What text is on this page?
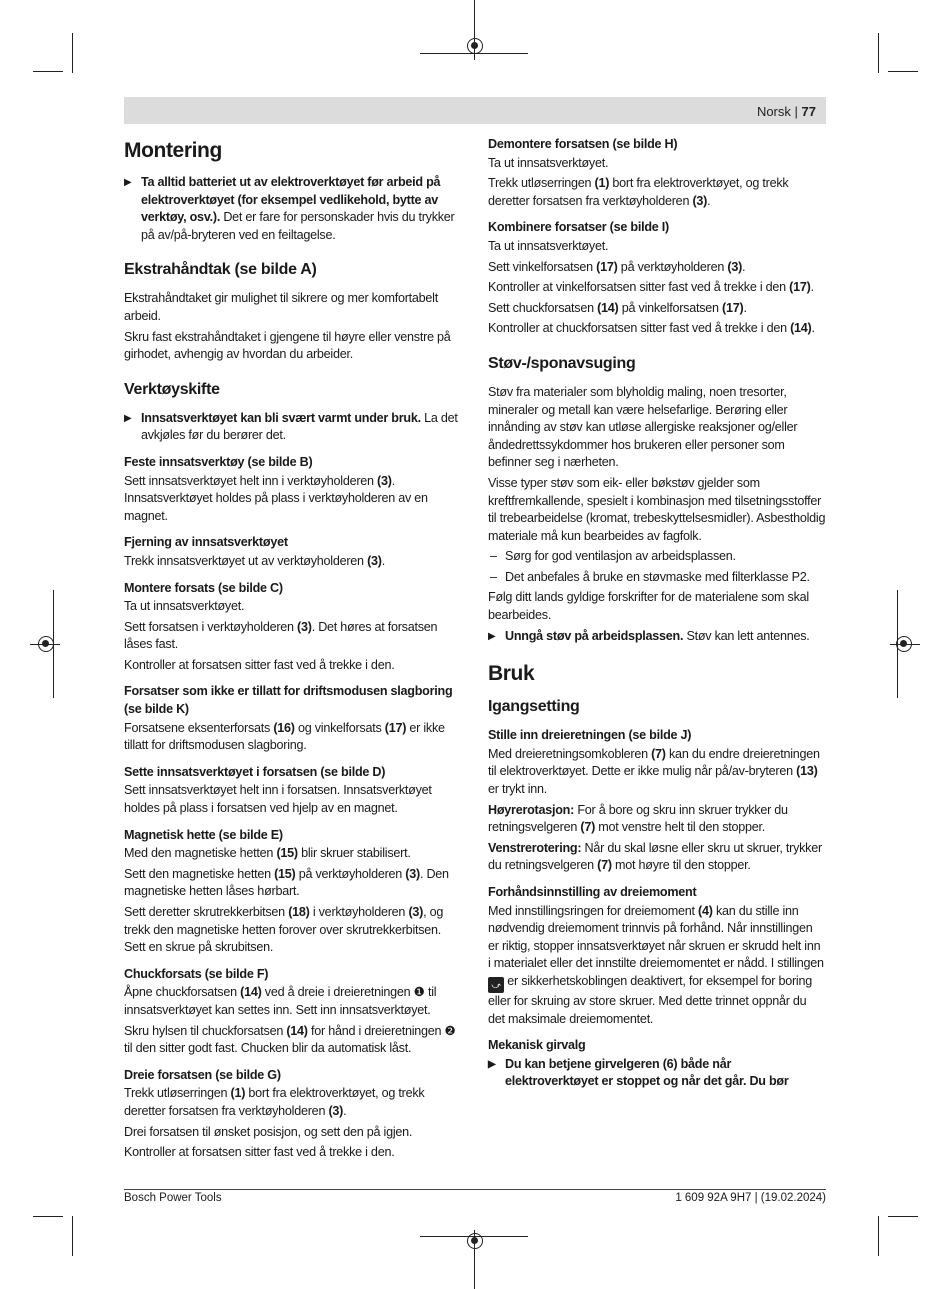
Norsk | 77
Montering

▶ Ta alltid batteriet ut av elektroverktøyet før arbeid på elektroverktøyet (for eksempel vedlikehold, bytte av verktøy, osv.). Det er fare for personskader hvis du trykker på av/på-bryteren ved en feiltagelse.

Ekstrahåndtak (se bilde A)

Ekstrahåndtaket gir mulighet til sikrere og mer komfortabelt arbeid.

Skru fast ekstrahåndtaket i gjengene til høyre eller venstre på girhodet, avhengig av hvordan du arbeider.

Verktøyskifte

▶ Innsatsverktøyet kan bli svært varmt under bruk. La det avkjøles før du berører det.

Feste innsatsverktøy (se bilde B)

Sett innsatsverktøyet helt inn i verktøyholderen (3). Innsatsverktøyet holdes på plass i verktøyholderen av en magnet.

Fjerning av innsatsverktøyet

Trekk innsatsverktøyet ut av verktøyholderen (3).

Montere forsats (se bilde C)

Ta ut innsatsverktøyet.

Sett forsatsen i verktøyholderen (3). Det høres at forsatsen låses fast.

Kontroller at forsatsen sitter fast ved å trekke i den.

Forsatser som ikke er tillatt for driftsmodusen slagboring (se bilde K)

Forsatsene eksenterforsats (16) og vinkelforsats (17) er ikke tillatt for driftsmodusen slagboring.

Sette innsatsverktøyet i forsatsen (se bilde D)

Sett innsatsverktøyet helt inn i forsatsen. Innsatsverktøyet holdes på plass i forsatsen ved hjelp av en magnet.

Magnetisk hette (se bilde E)

Med den magnetiske hetten (15) blir skruer stabilisert.

Sett den magnetiske hetten (15) på verktøyholderen (3). Den magnetiske hetten låses hørbart.

Sett deretter skrutrekkerbitsen (18) i verktøyholderen (3), og trekk den magnetiske hetten forover over skrutrekkerbitsen.

Sett en skrue på skrubitsen.

Chuckforsats (se bilde F)

Åpne chuckforsatsen (14) ved å dreie i dreieretningen ❶ til innsatsverktøyet kan settes inn. Sett inn innsatsverktøyet.

Skru hylsen til chuckforsatsen (14) for hånd i dreieretningen ❷ til den sitter godt fast. Chucken blir da automatisk låst.

Dreie forsatsen (se bilde G)

Trekk utløserringen (1) bort fra elektroverktøyet, og trekk deretter forsatsen fra verktøyholderen (3).

Drei forsatsen til ønsket posisjon, og sett den på igjen.

Kontroller at forsatsen sitter fast ved å trekke i den.

Demontere forsatsen (se bilde H)

Ta ut innsatsverktøyet.

Trekk utløserringen (1) bort fra elektroverktøyet, og trekk deretter forsatsen fra verktøyholderen (3).

Kombinere forsatser (se bilde I)

Ta ut innsatsverktøyet.

Sett vinkelforsatsen (17) på verktøyholderen (3).

Kontroller at vinkelforsatsen sitter fast ved å trekke i den (17).

Sett chuckforsatsen (14) på vinkelforsatsen (17).

Kontroller at chuckforsatsen sitter fast ved å trekke i den (14).

Støv-/sponavsuging

Støv fra materialer som blyholdig maling, noen tresorter, mineraler og metall kan være helsefarlige. Berøring eller innånding av støv kan utløse allergiske reaksjoner og/eller åndedrettssykdommer hos brukeren eller personer som befinner seg i nærheten.

Visse typer støv som eik- eller bøkstøv gjelder som kreftfremkallende, spesielt i kombinasjon med tilsetningsstoffer til trebearbeidelse (kromat, trebeskyttelsesmidler). Asbestholdig materiale må kun bearbeides av fagfolk.

– Sørg for god ventilasjon av arbeidsplassen.

– Det anbefales å bruke en støvmaske med filterklasse P2.

Følg ditt lands gyldige forskrifter for de materialene som skal bearbeides.

▶ Unngå støv på arbeidsplassen. Støv kan lett antennes.

Bruk
Igangsetting
Stille inn dreieretningen (se bilde J)

Med dreieretningsomkobleren (7) kan du endre dreieretningen til elektroverktøyet. Dette er ikke mulig når på/av-bryteren (13) er trykt inn.

Høyrerotasjon: For å bore og skru inn skruer trykker du retningsvelgeren (7) mot venstre helt til den stopper.

Venstrerotering: Når du skal løsne eller skru ut skruer, trykker du retningsvelgeren (7) mot høyre til den stopper.

Forhåndsinnstilling av dreiemoment

Med innstillingsringen for dreiemoment (4) kan du stille inn nødvendig dreiemoment trinnvis på forhånd. Når innstillingen er riktig, stopper innsatsverktøyet når skruen er skrudd helt inn i materialet eller det innstilte dreiemomentet er nådd. I stillingen ⤻ er sikkerhetskoblingen deaktivert, for eksempel for boring eller for skruing av store skruer. Med dette trinnet oppnår du det maksimale dreiemomentet.

Mekanisk girvalg

▶ Du kan betjene girvelgeren (6) både når elektroverktøyet er stoppet og når det går. Du bør

Bosch Power Tools	1 609 92A 9H7 | (19.02.2024)
